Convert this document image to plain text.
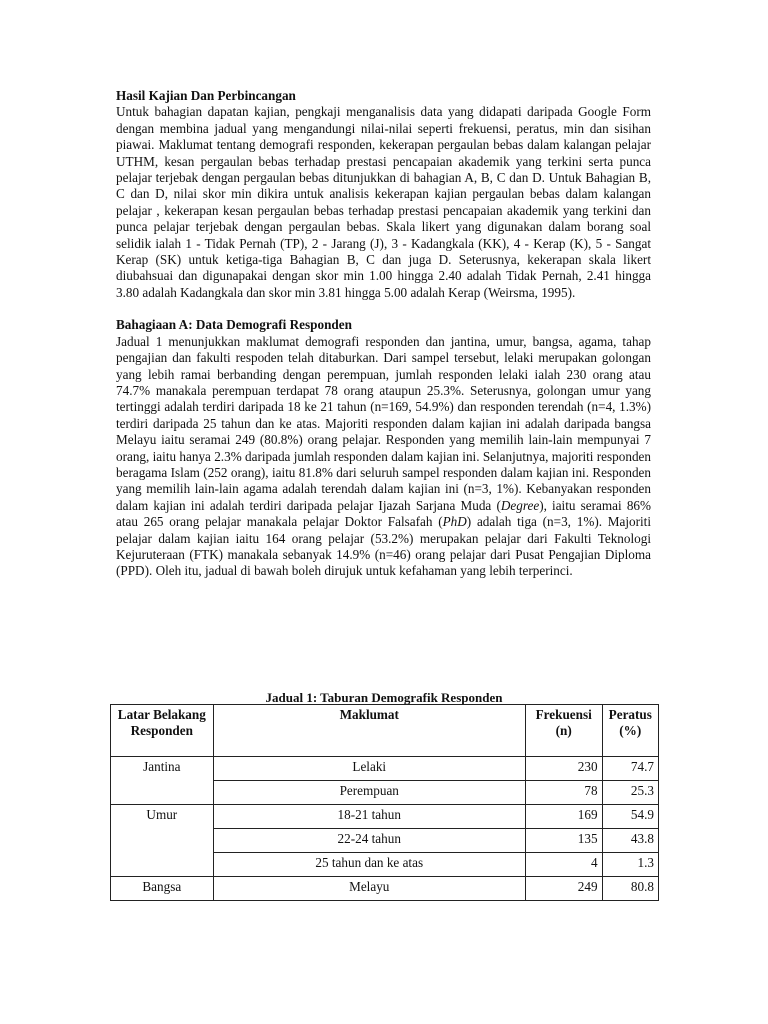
Hasil Kajian Dan Perbincangan

Untuk bahagian dapatan kajian, pengkaji menganalisis data yang didapati daripada Google Form dengan membina jadual yang mengandungi nilai-nilai seperti frekuensi, peratus, min dan sisihan piawai. Maklumat tentang demografi responden, kekerapan pergaulan bebas dalam kalangan pelajar UTHM, kesan pergaulan bebas terhadap prestasi pencapaian akademik yang terkini serta punca pelajar terjebak dengan pergaulan bebas ditunjukkan di bahagian A, B, C dan D. Untuk Bahagian B, C dan D, nilai skor min dikira untuk analisis kekerapan kajian pergaulan bebas dalam kalangan pelajar , kekerapan kesan pergaulan bebas terhadap prestasi pencapaian akademik yang terkini dan punca pelajar terjebak dengan pergaulan bebas. Skala likert yang digunakan dalam borang soal selidik ialah 1 - Tidak Pernah (TP), 2 - Jarang (J), 3 - Kadangkala (KK), 4 - Kerap (K), 5 - Sangat Kerap (SK) untuk ketiga-tiga Bahagian B, C dan juga D. Seterusnya, kekerapan skala likert diubahsuai dan digunapakai dengan skor min 1.00 hingga 2.40 adalah Tidak Pernah, 2.41 hingga 3.80 adalah Kadangkala dan skor min 3.81 hingga 5.00 adalah Kerap (Weirsma, 1995).

Bahagiaan A: Data Demografi Responden

Jadual 1 menunjukkan maklumat demografi responden dan jantina, umur, bangsa, agama, tahap pengajian dan fakulti respoden telah ditaburkan. Dari sampel tersebut, lelaki merupakan golongan yang lebih ramai berbanding dengan perempuan, jumlah responden lelaki ialah 230 orang atau 74.7% manakala perempuan terdapat 78 orang ataupun 25.3%. Seterusnya, golongan umur yang tertinggi adalah terdiri daripada 18 ke 21 tahun (n=169, 54.9%) dan responden terendah (n=4, 1.3%) terdiri daripada 25 tahun dan ke atas. Majoriti responden dalam kajian ini adalah daripada bangsa Melayu iaitu seramai 249 (80.8%) orang pelajar. Responden yang memilih lain-lain mempunyai 7 orang, iaitu hanya 2.3% daripada jumlah responden dalam kajian ini. Selanjutnya, majoriti responden beragama Islam (252 orang), iaitu 81.8% dari seluruh sampel responden dalam kajian ini. Responden yang memilih lain-lain agama adalah terendah dalam kajian ini (n=3, 1%). Kebanyakan responden dalam kajian ini adalah terdiri daripada pelajar Ijazah Sarjana Muda (Degree), iaitu seramai 86% atau 265 orang pelajar manakala pelajar Doktor Falsafah (PhD) adalah tiga (n=3, 1%). Majoriti pelajar dalam kajian iaitu 164 orang pelajar (53.2%) merupakan pelajar dari Fakulti Teknologi Kejuruteraan (FTK) manakala sebanyak 14.9% (n=46) orang pelajar dari Pusat Pengajian Diploma (PPD). Oleh itu, jadual di bawah boleh dirujuk untuk kefahaman yang lebih terperinci.

Jadual 1: Taburan Demografik Responden
Latar Belakang Responden	Maklumat	Frekuensi (n)	Peratus (%)
Jantina	Lelaki	230	74.7
	Perempuan	78	25.3
Umur	18-21 tahun	169	54.9
	22-24 tahun	135	43.8
	25 tahun dan ke atas	4	1.3
Bangsa	Melayu	249	80.8
